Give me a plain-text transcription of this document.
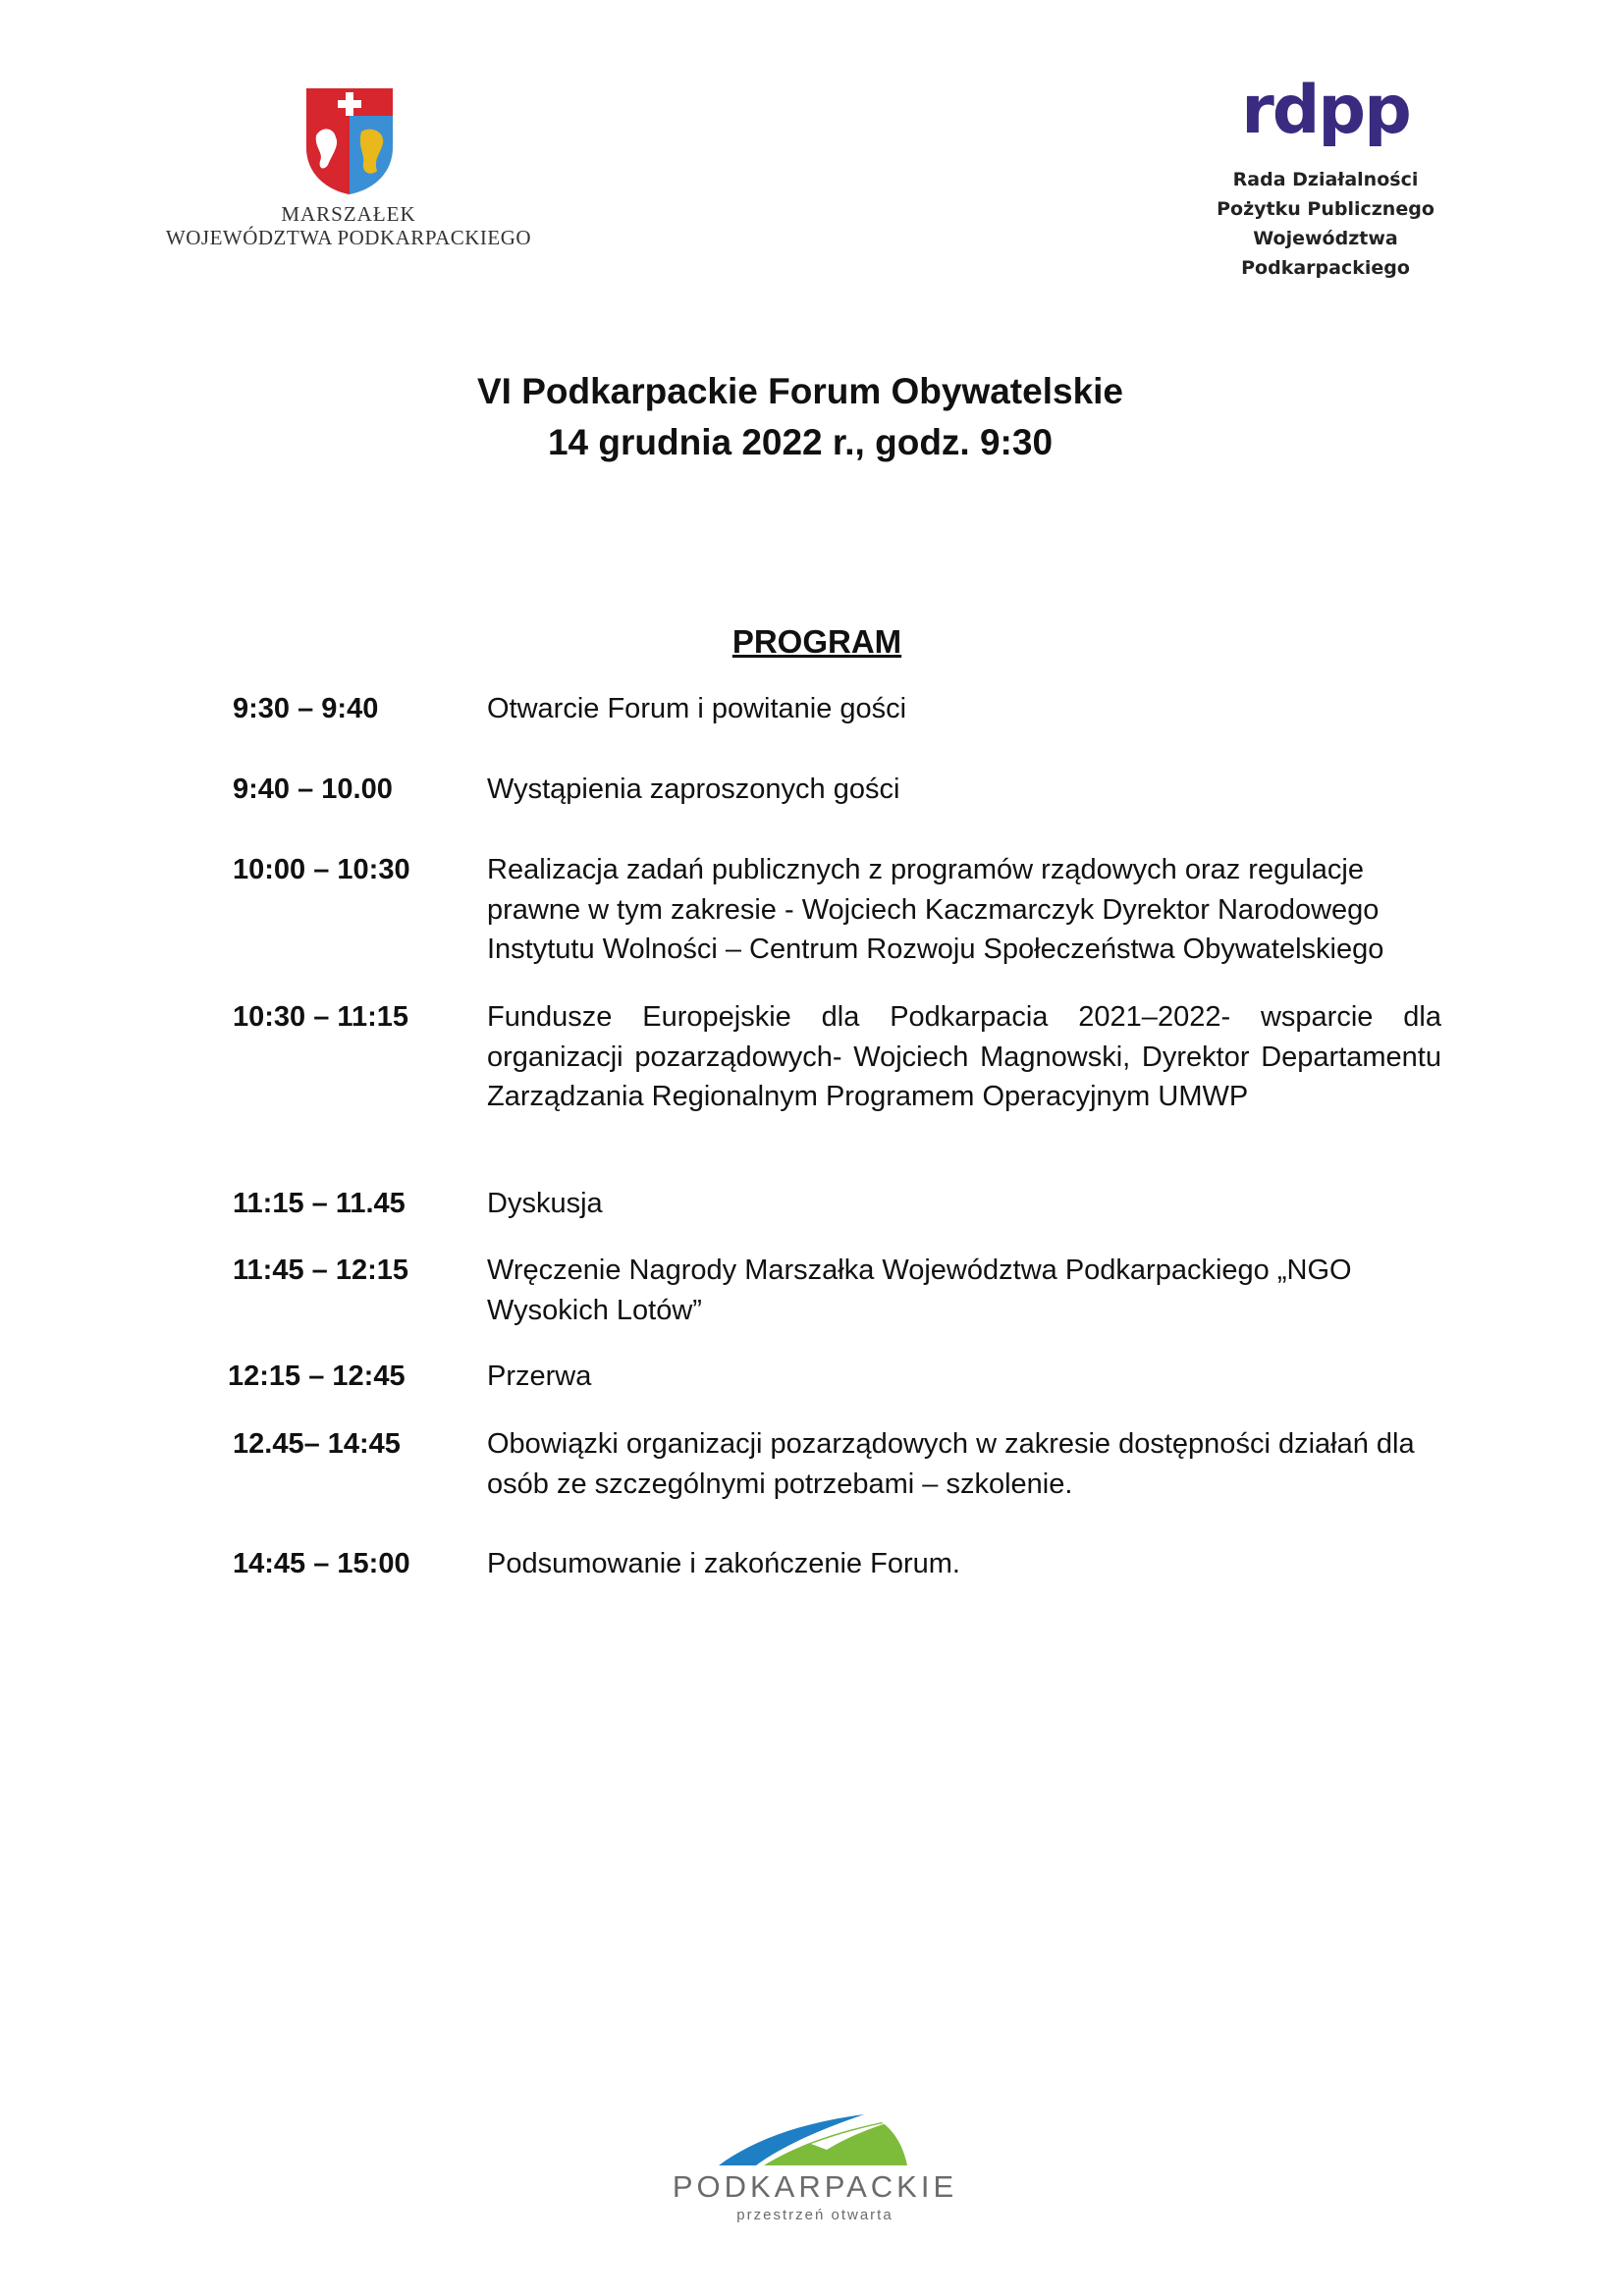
MARSZAŁEK
WOJEWÓDZTWA PODKARPACKIEGO
rdpp
Rada Działalności
Pożytku Publicznego
Województwa
Podkarpackiego
VI Podkarpackie Forum Obywatelskie
14 grudnia 2022 r., godz. 9:30
PROGRAM
9:30 – 9:40	Otwarcie Forum i powitanie gości
9:40 – 10.00	Wystąpienia zaproszonych gości
10:00 – 10:30	Realizacja zadań publicznych z programów rządowych oraz regulacje prawne w tym zakresie - Wojciech Kaczmarczyk Dyrektor Narodowego Instytutu Wolności – Centrum Rozwoju Społeczeństwa Obywatelskiego
10:30 – 11:15	Fundusze Europejskie dla Podkarpacia 2021–2022- wsparcie dla organizacji pozarządowych- Wojciech Magnowski, Dyrektor Departamentu Zarządzania Regionalnym Programem Operacyjnym UMWP
11:15 – 11.45	Dyskusja
11:45 – 12:15	Wręczenie Nagrody Marszałka Województwa Podkarpackiego „NGO Wysokich Lotów”
12:15 – 12:45	Przerwa
12.45– 14:45	Obowiązki organizacji pozarządowych w zakresie dostępności działań dla osób ze szczególnymi potrzebami – szkolenie.
14:45 – 15:00	Podsumowanie i zakończenie Forum.
PODKARPACKIE
przestrzeń otwarta
